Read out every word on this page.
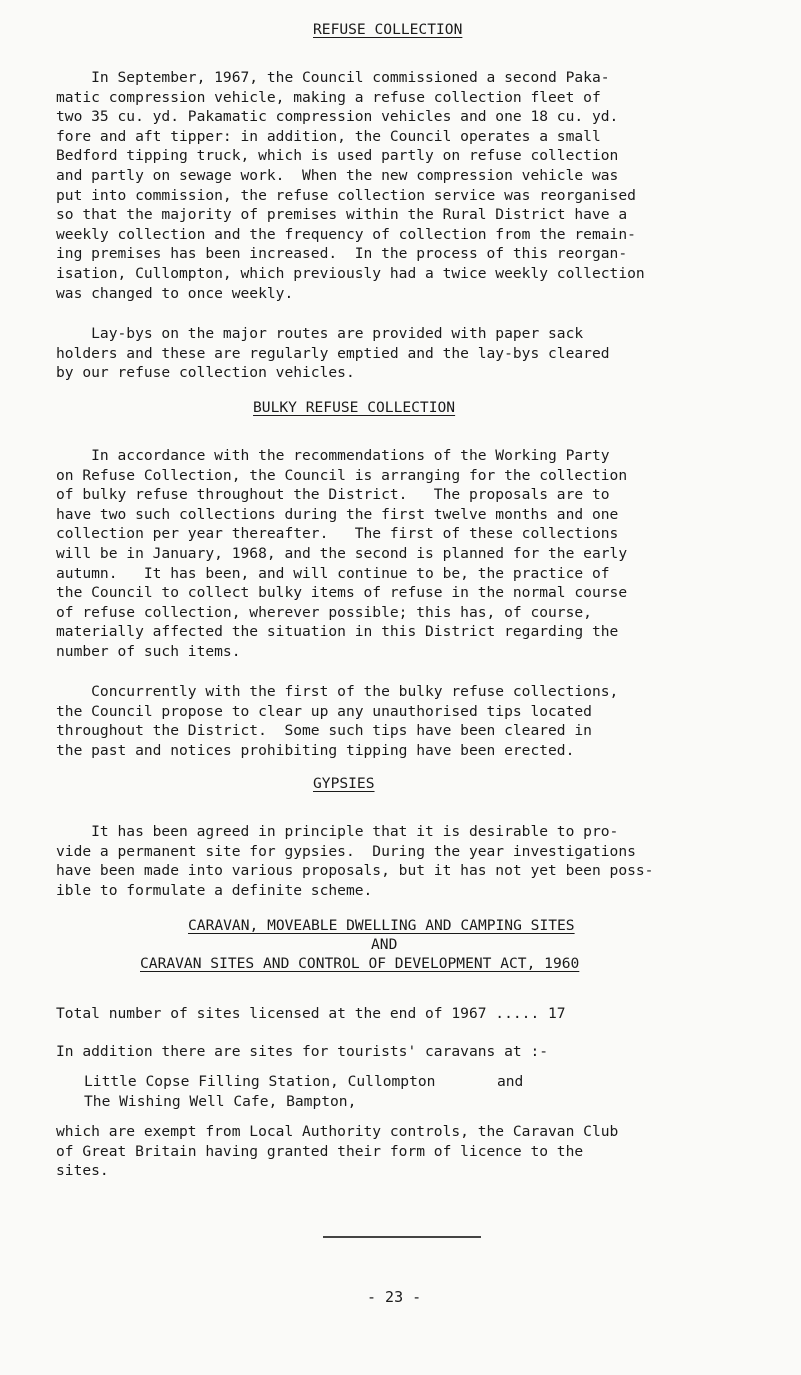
REFUSE COLLECTION
In September, 1967, the Council commissioned a second Paka-
matic compression vehicle, making a refuse collection fleet of
two 35 cu. yd. Pakamatic compression vehicles and one 18 cu. yd.
fore and aft tipper: in addition, the Council operates a small
Bedford tipping truck, which is used partly on refuse collection
and partly on sewage work.  When the new compression vehicle was
put into commission, the refuse collection service was reorganised
so that the majority of premises within the Rural District have a
weekly collection and the frequency of collection from the remain-
ing premises has been increased.  In the process of this reorgan-
isation, Cullompton, which previously had a twice weekly collection
was changed to once weekly.
Lay-bys on the major routes are provided with paper sack
holders and these are regularly emptied and the lay-bys cleared
by our refuse collection vehicles.
BULKY REFUSE COLLECTION
In accordance with the recommendations of the Working Party
on Refuse Collection, the Council is arranging for the collection
of bulky refuse throughout the District.   The proposals are to
have two such collections during the first twelve months and one
collection per year thereafter.   The first of these collections
will be in January, 1968, and the second is planned for the early
autumn.   It has been, and will continue to be, the practice of
the Council to collect bulky items of refuse in the normal course
of refuse collection, wherever possible; this has, of course,
materially affected the situation in this District regarding the
number of such items.
Concurrently with the first of the bulky refuse collections,
the Council propose to clear up any unauthorised tips located
throughout the District.  Some such tips have been cleared in
the past and notices prohibiting tipping have been erected.
GYPSIES
It has been agreed in principle that it is desirable to pro-
vide a permanent site for gypsies.  During the year investigations
have been made into various proposals, but it has not yet been poss-
ible to formulate a definite scheme.
CARAVAN, MOVEABLE DWELLING AND CAMPING SITES
AND
CARAVAN SITES AND CONTROL OF DEVELOPMENT ACT, 1960
Total number of sites licensed at the end of 1967 ..... 17
In addition there are sites for tourists' caravans at :-
Little Copse Filling Station, Cullompton       and
The Wishing Well Cafe, Bampton,
which are exempt from Local Authority controls, the Caravan Club
of Great Britain having granted their form of licence to the
sites.
- 23 -
